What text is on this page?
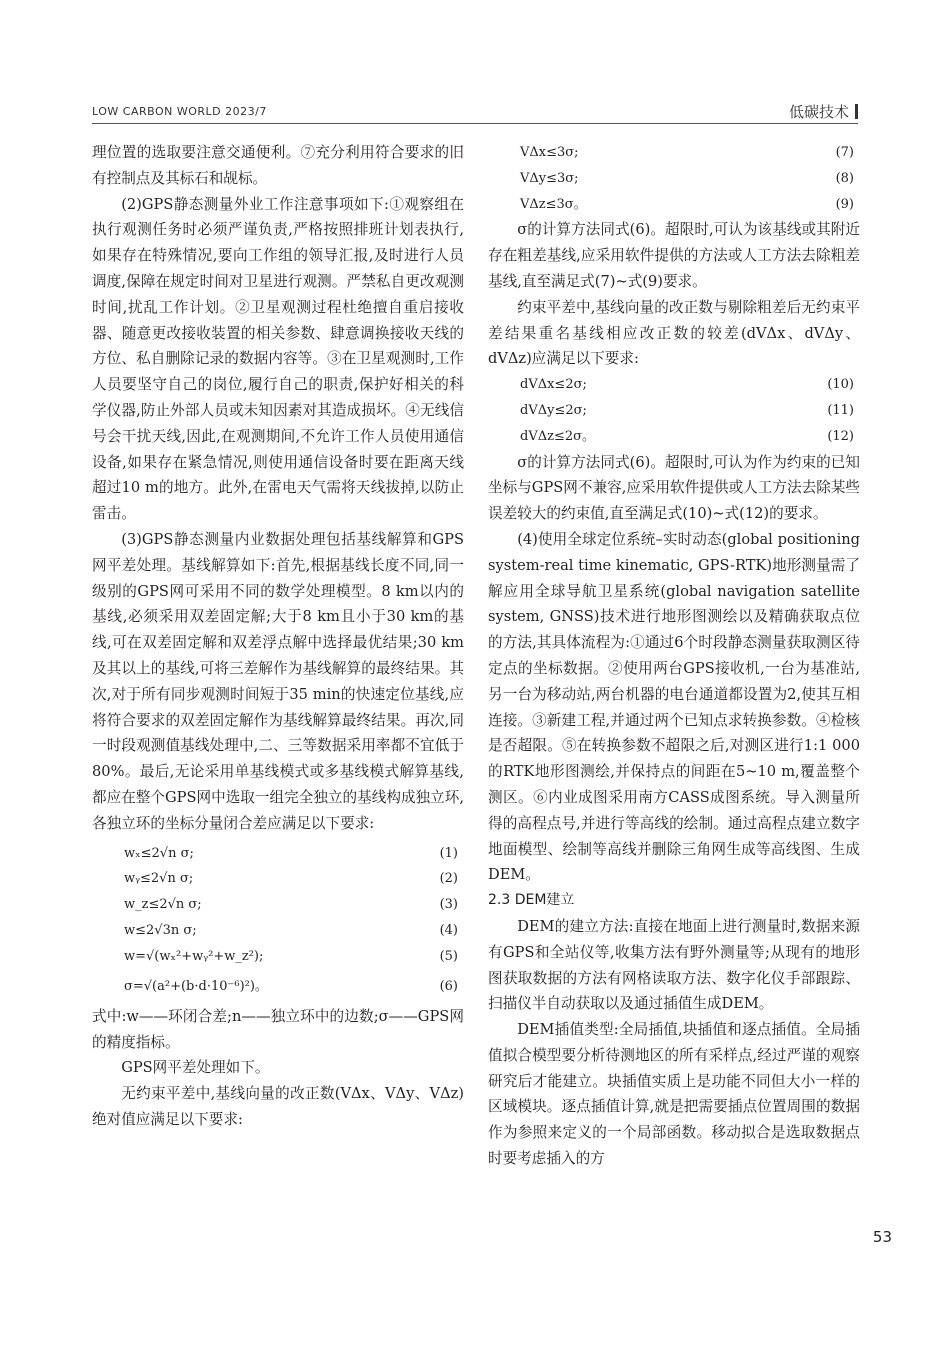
LOW CARBON WORLD 2023/7	低碳技术

理位置的选取要注意交通便利。⑦充分利用符合要求的旧有控制点及其标石和觇标。

(2)GPS静态测量外业工作注意事项如下:①观察组在执行观测任务时必须严谨负责,严格按照排班计划表执行,如果存在特殊情况,要向工作组的领导汇报,及时进行人员调度,保障在规定时间对卫星进行观测。严禁私自更改观测时间,扰乱工作计划。②卫星观测过程杜绝擅自重启接收器、随意更改接收装置的相关参数、肆意调换接收天线的方位、私自删除记录的数据内容等。③在卫星观测时,工作人员要坚守自己的岗位,履行自己的职责,保护好相关的科学仪器,防止外部人员或未知因素对其造成损坏。④无线信号会干扰天线,因此,在观测期间,不允许工作人员使用通信设备,如果存在紧急情况,则使用通信设备时要在距离天线超过10 m的地方。此外,在雷电天气需将天线拔掉,以防止雷击。

(3)GPS静态测量内业数据处理包括基线解算和GPS网平差处理。基线解算如下:首先,根据基线长度不同,同一级别的GPS网可采用不同的数学处理模型。8 km以内的基线,必须采用双差固定解;大于8 km且小于30 km的基线,可在双差固定解和双差浮点解中选择最优结果;30 km及其以上的基线,可将三差解作为基线解算的最终结果。其次,对于所有同步观测时间短于35 min的快速定位基线,应将符合要求的双差固定解作为基线解算最终结果。再次,同一时段观测值基线处理中,二、三等数据采用率都不宜低于80%。最后,无论采用单基线模式或多基线模式解算基线,都应在整个GPS网中选取一组完全独立的基线构成独立环,各独立环的坐标分量闭合差应满足以下要求:

wₓ≤2√n σ;	(1)
wᵧ≤2√n σ;	(2)
w_z≤2√n σ;	(3)
w≤2√3n σ;	(4)
w=√(wₓ²+wᵧ²+w_z²);	(5)
σ=√(a²+(b·d·10⁻⁶)²)。	(6)

式中:w——环闭合差;n——独立环中的边数;σ——GPS网的精度指标。

GPS网平差处理如下。

无约束平差中,基线向量的改正数(VΔx、VΔy、VΔz)绝对值应满足以下要求:

VΔx≤3σ;	(7)
VΔy≤3σ;	(8)
VΔz≤3σ。	(9)

σ的计算方法同式(6)。超限时,可认为该基线或其附近存在粗差基线,应采用软件提供的方法或人工方法去除粗差基线,直至满足式(7)~式(9)要求。

约束平差中,基线向量的改正数与剔除粗差后无约束平差结果重名基线相应改正数的较差(dVΔx、dVΔy、dVΔz)应满足以下要求:

dVΔx≤2σ;	(10)
dVΔy≤2σ;	(11)
dVΔz≤2σ。	(12)

σ的计算方法同式(6)。超限时,可认为作为约束的已知坐标与GPS网不兼容,应采用软件提供或人工方法去除某些误差较大的约束值,直至满足式(10)~式(12)的要求。

(4)使用全球定位系统–实时动态(global positioning system-real time kinematic, GPS-RTK)地形测量需了解应用全球导航卫星系统(global navigation satellite system, GNSS)技术进行地形图测绘以及精确获取点位的方法,其具体流程为:①通过6个时段静态测量获取测区待定点的坐标数据。②使用两台GPS接收机,一台为基准站,另一台为移动站,两台机器的电台通道都设置为2,使其互相连接。③新建工程,并通过两个已知点求转换参数。④检核是否超限。⑤在转换参数不超限之后,对测区进行1:1 000的RTK地形图测绘,并保持点的间距在5~10 m,覆盖整个测区。⑥内业成图采用南方CASS成图系统。导入测量所得的高程点号,并进行等高线的绘制。通过高程点建立数字地面模型、绘制等高线并删除三角网生成等高线图、生成DEM。

2.3 DEM建立

DEM的建立方法:直接在地面上进行测量时,数据来源有GPS和全站仪等,收集方法有野外测量等;从现有的地形图获取数据的方法有网格读取方法、数字化仪手部跟踪、扫描仪半自动获取以及通过插值生成DEM。

DEM插值类型:全局插值,块插值和逐点插值。全局插值拟合模型要分析待测地区的所有采样点,经过严谨的观察研究后才能建立。块插值实质上是功能不同但大小一样的区域模块。逐点插值计算,就是把需要插点位置周围的数据作为参照来定义的一个局部函数。移动拟合是选取数据点时要考虑插入的方

53
